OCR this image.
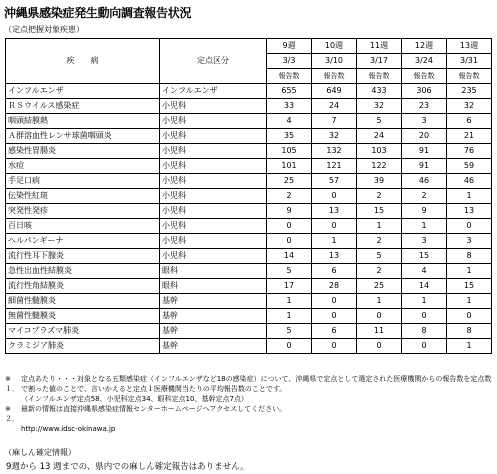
沖縄県感染症発生動向調査報告状況
（定点把握対象疾患）
疾　　病	定点区分	9週	10週	11週	12週	13週
		3/3	3/10	3/17	3/24	3/31
		報告数	報告数	報告数	報告数	報告数
インフルエンザ	インフルエンザ	655	649	433	306	235
ＲＳウイルス感染症	小児科	33	24	32	23	32
咽頭結膜熱	小児科	4	7	5	3	6
Ａ群溶血性レンサ球菌咽頭炎	小児科	35	32	24	20	21
感染性胃腸炎	小児科	105	132	103	91	76
水痘	小児科	101	121	122	91	59
手足口病	小児科	25	57	39	46	46
伝染性紅斑	小児科	2	0	2	2	1
突発性発疹	小児科	9	13	15	9	13
百日咳	小児科	0	0	1	1	0
ヘルパンギーナ	小児科	0	1	2	3	3
流行性耳下腺炎	小児科	14	13	5	15	8
急性出血性結膜炎	眼科	5	6	2	4	1
流行性角結膜炎	眼科	17	28	25	14	15
細菌性髄膜炎	基幹	1	0	1	1	1
無菌性髄膜炎	基幹	1	0	0	0	0
マイコプラズマ肺炎	基幹	5	6	11	8	8
クラミジア肺炎	基幹	0	0	0	0	1
※１．
定点あたり・・・対象となる五類感染症（インフルエンザなど18の感染症）について、沖縄県で定点として選定された医療機関からの報告数を定点数で割った値のことで、言いかえると定点１医療機関当たりの平均報告数のことです。
（インフルエンザ定点58、小児科定点34、眼科定点10、基幹定点7点）
※２．
最新の情報は直接沖縄県感染症情報センターホームページへアクセスしてください。
http://www.idsc-okinawa.jp
（麻しん確定情報）
9週から 13 週までの、県内での麻しん確定報告はありません。
